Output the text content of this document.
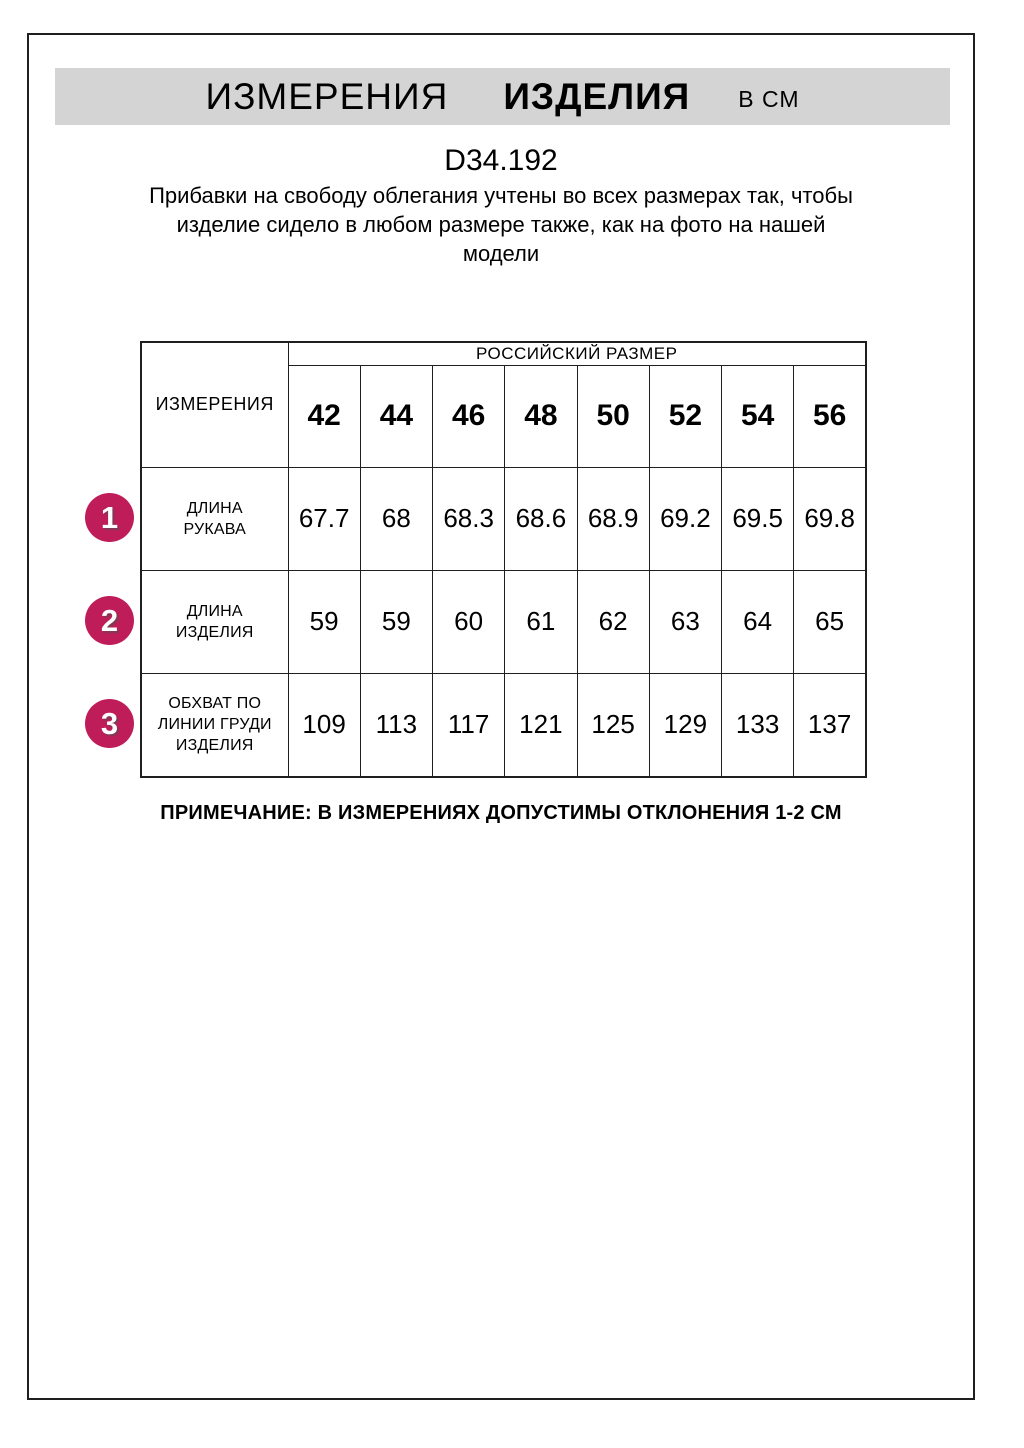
ИЗМЕРЕНИЯ ИЗДЕЛИЯ В СМ
D34.192
Прибавки на свободу облегания учтены во всех размерах так, чтобы
изделие сидело в любом размере также, как на фото на нашей
модели
ИЗМЕРЕНИЯ	РОССИЙСКИЙ РАЗМЕР							
	42	44	46	48	50	52	54	56

ДЛИНА РУКАВА	67.7	68	68.3	68.6	68.9	69.2	69.5	69.8

ДЛИНА
ИЗДЕЛИЯ	59	59	60	61	62	63	64	65

ОБХВАТ ПО
ЛИНИИ ГРУДИ
ИЗДЕЛИЯ	109	113	117	121	125	129	133	137
1
2
3
ПРИМЕЧАНИЕ: В ИЗМЕРЕНИЯХ ДОПУСТИМЫ ОТКЛОНЕНИЯ 1-2 СМ
